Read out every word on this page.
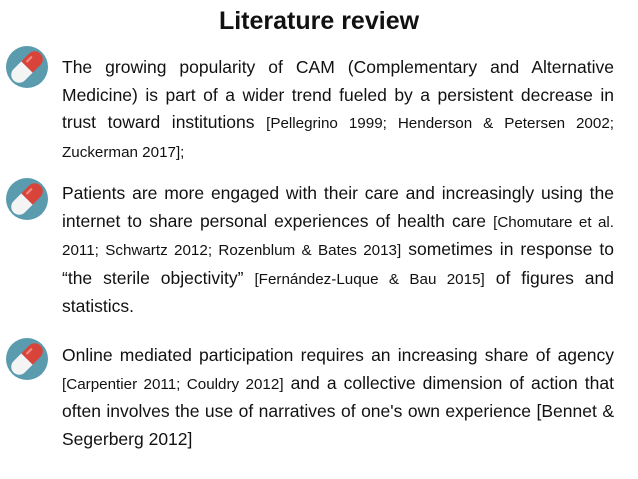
Literature review
The growing popularity of CAM (Complementary and Alternative Medicine) is part of a wider trend fueled by a persistent decrease in trust toward institutions [Pellegrino 1999; Henderson & Petersen 2002; Zuckerman 2017];
Patients are more engaged with their care and increasingly using the internet to share personal experiences of health care [Chomutare et al. 2011; Schwartz 2012; Rozenblum & Bates 2013] sometimes in response to “the sterile objectivity” [Fernández-Luque & Bau 2015] of figures and statistics.
Online mediated participation requires an increasing share of agency [Carpentier 2011; Couldry 2012] and a collective dimension of action that often involves the use of narratives of one's own experience [Bennet & Segerberg 2012]
